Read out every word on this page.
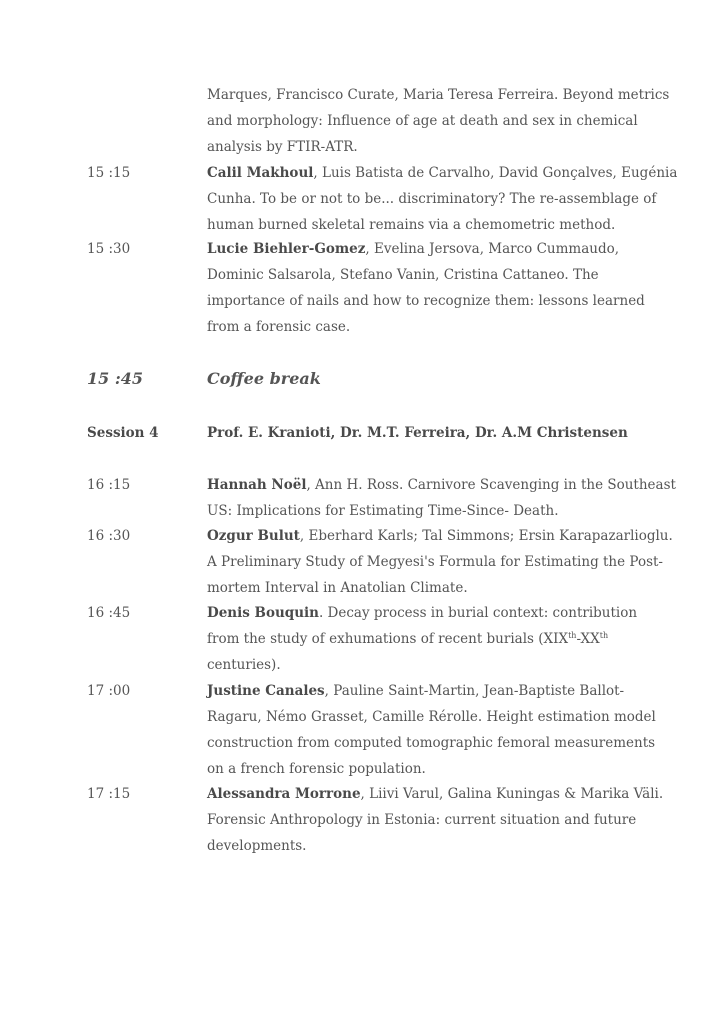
Marques, Francisco Curate, Maria Teresa Ferreira. Beyond metrics
and morphology: Influence of age at death and sex in chemical
analysis by FTIR-ATR.
15 :15	Calil Makhoul, Luis Batista de Carvalho, David Gonçalves, Eugénia
Cunha. To be or not to be... discriminatory? The re-assemblage of
human burned skeletal remains via a chemometric method.
15 :30	Lucie Biehler-Gomez, Evelina Jersova, Marco Cummaudo,
Dominic Salsarola, Stefano Vanin, Cristina Cattaneo. The
importance of nails and how to recognize them: lessons learned
from a forensic case.
15 :45	Coffee break
Session 4	Prof. E. Kranioti, Dr. M.T. Ferreira, Dr. A.M Christensen
16 :15	Hannah Noël, Ann H. Ross. Carnivore Scavenging in the Southeast
US: Implications for Estimating Time-Since- Death.
16 :30	Ozgur Bulut, Eberhard Karls; Tal Simmons; Ersin Karapazarlioglu.
A Preliminary Study of Megyesi's Formula for Estimating the Post-
mortem Interval in Anatolian Climate.
16 :45	Denis Bouquin. Decay process in burial context: contribution
from the study of exhumations of recent burials (XIXth-XXth
centuries).
17 :00	Justine Canales, Pauline Saint-Martin, Jean-Baptiste Ballot-
Ragaru, Némo Grasset, Camille Rérolle. Height estimation model
construction from computed tomographic femoral measurements
on a french forensic population.
17 :15	Alessandra Morrone, Liivi Varul, Galina Kuningas & Marika Väli.
Forensic Anthropology in Estonia: current situation and future
developments.
